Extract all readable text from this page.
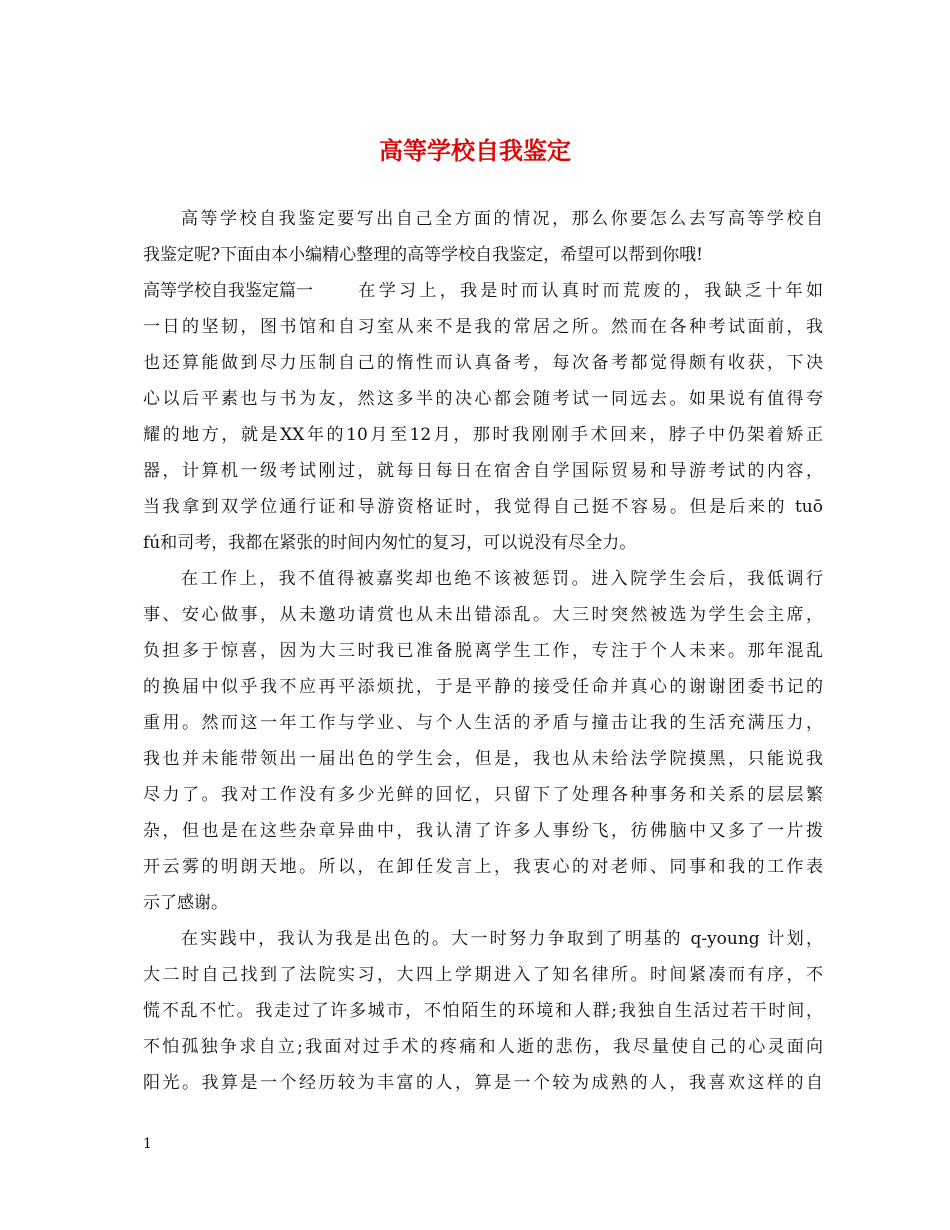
高等学校自我鉴定
高等学校自我鉴定要写出自己全方面的情况，那么你要怎么去写高等学校自
我鉴定呢?下面由本小编精心整理的高等学校自我鉴定，希望可以帮到你哦!
高等学校自我鉴定篇一 在学习上，我是时而认真时而荒废的，我缺乏十年如
一日的坚韧，图书馆和自习室从来不是我的常居之所。然而在各种考试面前，我
也还算能做到尽力压制自己的惰性而认真备考，每次备考都觉得颇有收获，下决
心以后平素也与书为友，然这多半的决心都会随考试一同远去。如果说有值得夸
耀的地方，就是XX年的10月至12月，那时我刚刚手术回来，脖子中仍架着矫正
器，计算机一级考试刚过，就每日每日在宿舍自学国际贸易和导游考试的内容，
当我拿到双学位通行证和导游资格证时，我觉得自己挺不容易。但是后来的 tuō
fú和司考，我都在紧张的时间内匆忙的复习，可以说没有尽全力。
在工作上，我不值得被嘉奖却也绝不该被惩罚。进入院学生会后，我低调行
事、安心做事，从未邀功请赏也从未出错添乱。大三时突然被选为学生会主席，
负担多于惊喜，因为大三时我已准备脱离学生工作，专注于个人未来。那年混乱
的换届中似乎我不应再平添烦扰，于是平静的接受任命并真心的谢谢团委书记的
重用。然而这一年工作与学业、与个人生活的矛盾与撞击让我的生活充满压力，
我也并未能带领出一届出色的学生会，但是，我也从未给法学院摸黑，只能说我
尽力了。我对工作没有多少光鲜的回忆，只留下了处理各种事务和关系的层层繁
杂，但也是在这些杂章异曲中，我认清了许多人事纷飞，彷佛脑中又多了一片拨
开云雾的明朗天地。所以，在卸任发言上，我衷心的对老师、同事和我的工作表
示了感谢。
在实践中，我认为我是出色的。大一时努力争取到了明基的 q-young 计划，
大二时自己找到了法院实习，大四上学期进入了知名律所。时间紧凑而有序，不
慌不乱不忙。我走过了许多城市，不怕陌生的环境和人群;我独自生活过若干时间，
不怕孤独争求自立;我面对过手术的疼痛和人逝的悲伤，我尽量使自己的心灵面向
阳光。我算是一个经历较为丰富的人，算是一个较为成熟的人，我喜欢这样的自
1
